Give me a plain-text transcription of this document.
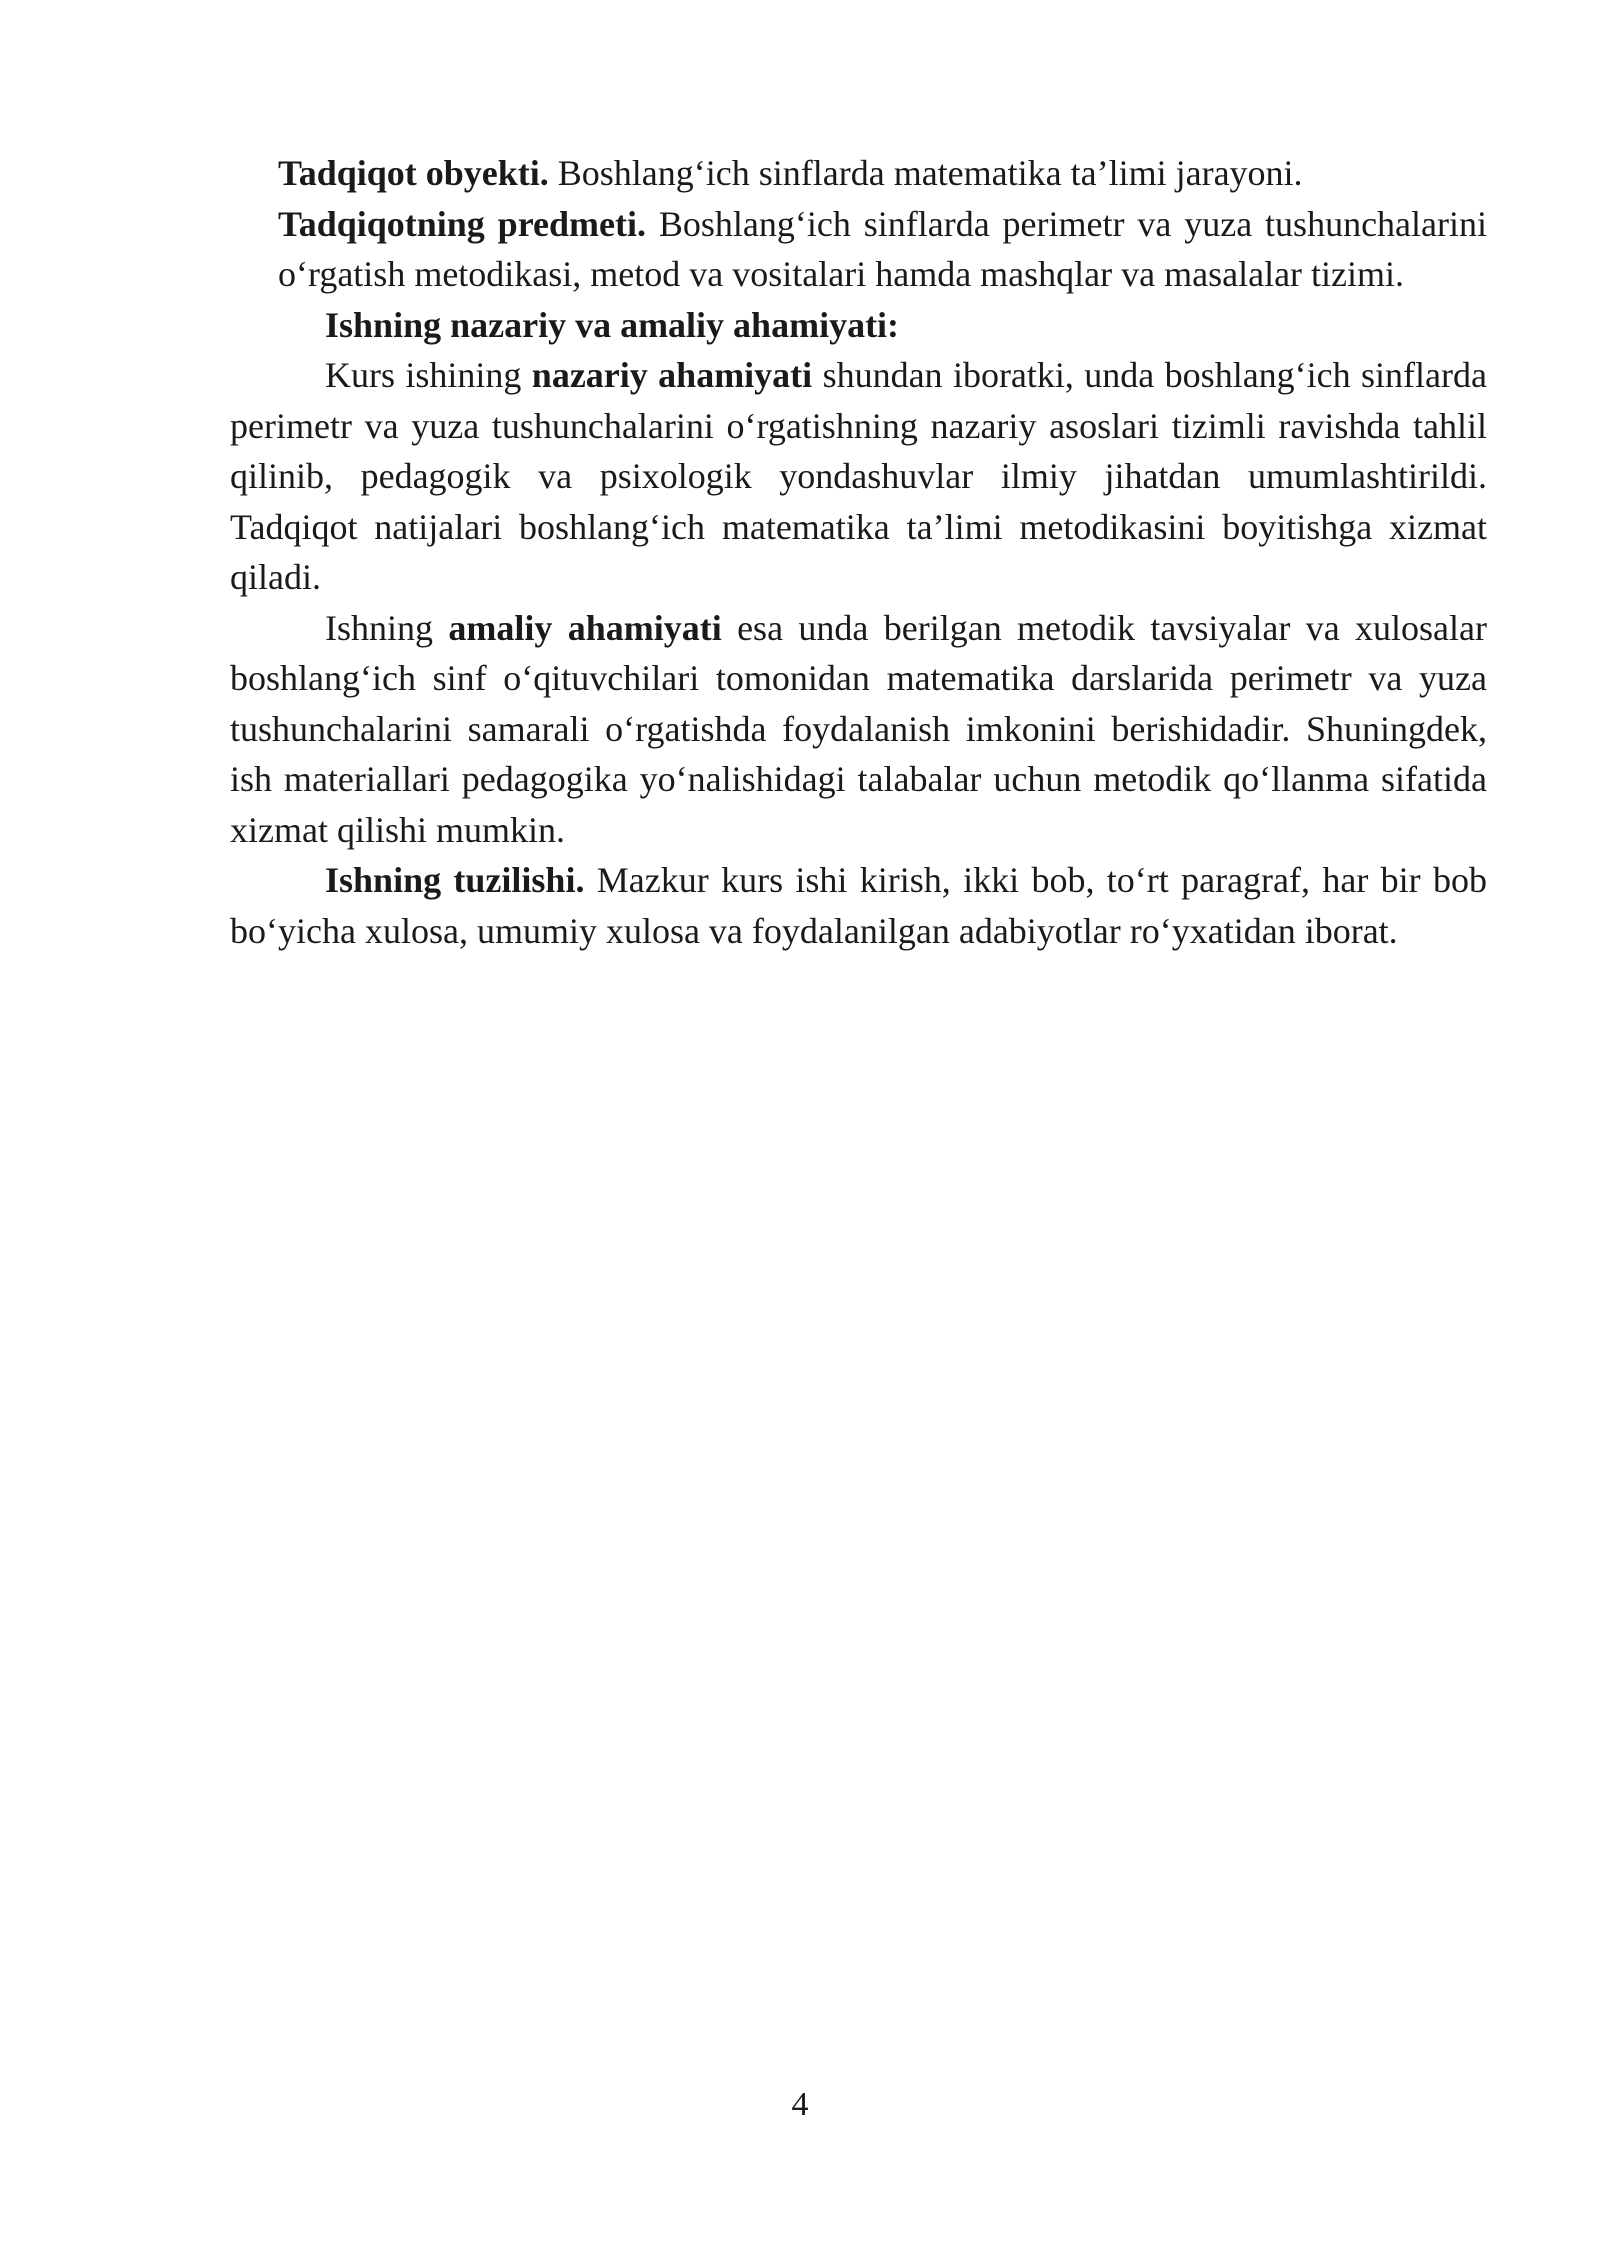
Tadqiqot obyekti. Boshlang‘ich sinflarda matematika ta’limi jarayoni.

Tadqiqotning predmeti. Boshlang‘ich sinflarda perimetr va yuza tushunchalarini o‘rgatish metodikasi, metod va vositalari hamda mashqlar va masalalar tizimi.

Ishning nazariy va amaliy ahamiyati:

Kurs ishining nazariy ahamiyati shundan iboratki, unda boshlang‘ich sinflarda perimetr va yuza tushunchalarini o‘rgatishning nazariy asoslari tizimli ravishda tahlil qilinib, pedagogik va psixologik yondashuvlar ilmiy jihatdan umumlashtirildi. Tadqiqot natijalari boshlang‘ich matematika ta’limi metodikasini boyitishga xizmat qiladi.

Ishning amaliy ahamiyati esa unda berilgan metodik tavsiyalar va xulosalar boshlang‘ich sinf o‘qituvchilari tomonidan matematika darslarida perimetr va yuza tushunchalarini samarali o‘rgatishda foydalanish imkonini berishidadir. Shuningdek, ish materiallari pedagogika yo‘nalishidagi talabalar uchun metodik qo‘llanma sifatida xizmat qilishi mumkin.

Ishning tuzilishi. Mazkur kurs ishi kirish, ikki bob, to‘rt paragraf, har bir bob bo‘yicha xulosa, umumiy xulosa va foydalanilgan adabiyotlar ro‘yxatidan iborat.

4
